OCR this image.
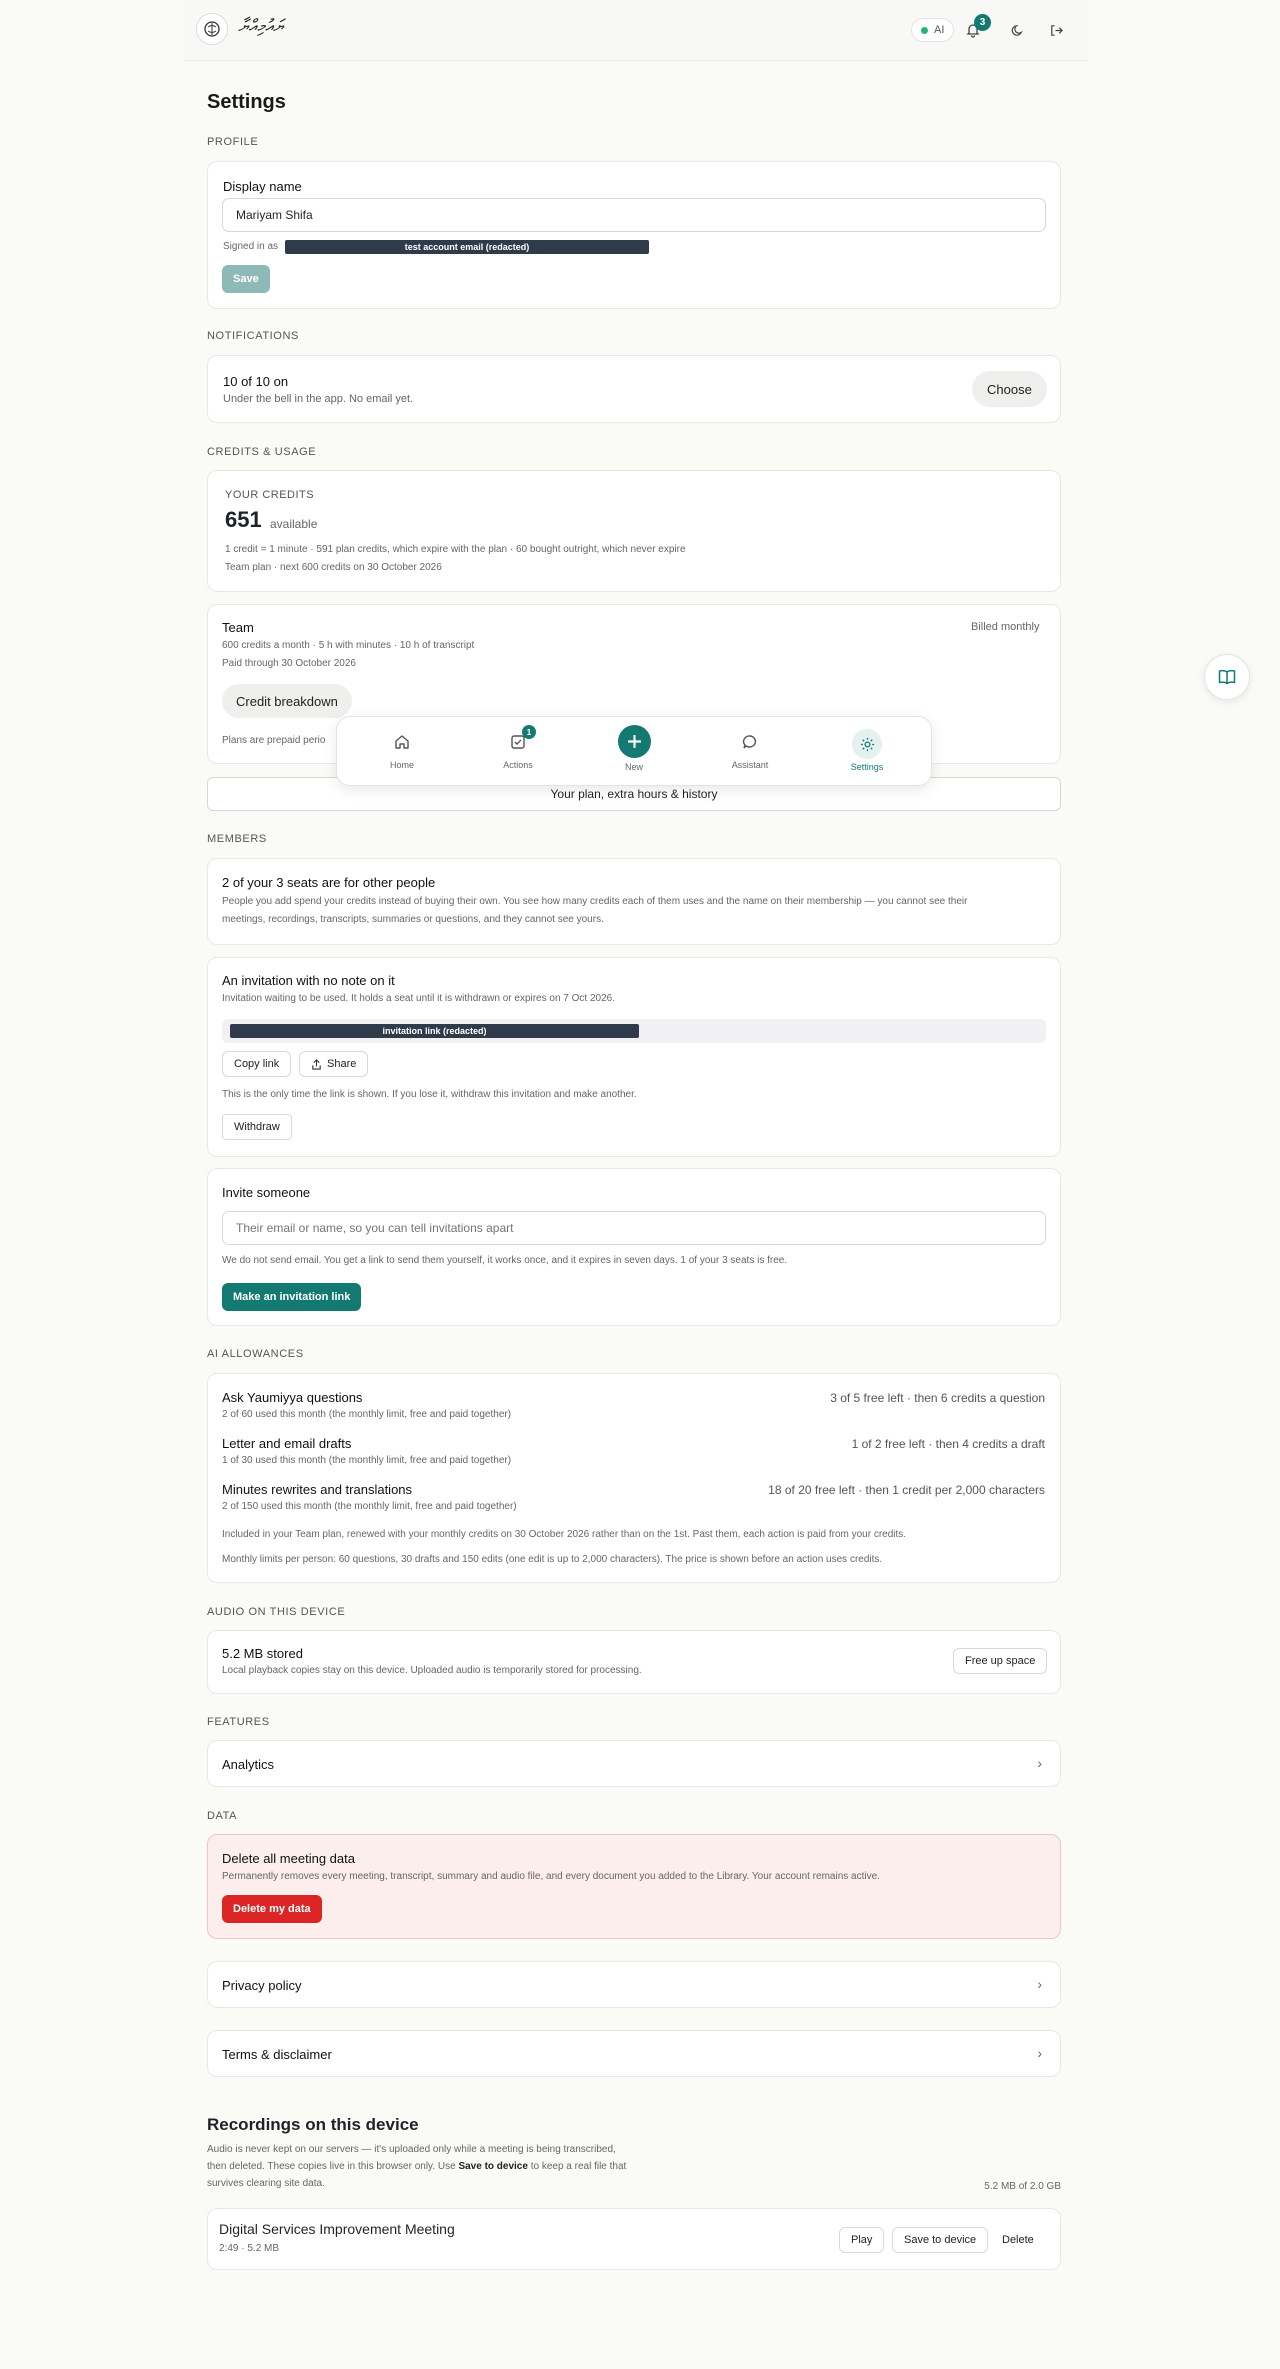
ޔައުމިއްޔާ	AI
3
Settings
PROFILE
Display name
Mariyam Shifa
Signed in as	test account email (redacted)
Save
NOTIFICATIONS
10 of 10 on
Under the bell in the app. No email yet.
Choose
CREDITS & USAGE
YOUR CREDITS
651 available
1 credit = 1 minute · 591 plan credits, which expire with the plan · 60 bought outright, which never expire
Team plan · next 600 credits on 30 October 2026
Team	Billed monthly
600 credits a month · 5 h with minutes · 10 h of transcript
Paid through 30 October 2026
Credit breakdown
Plans are prepaid perio
Your plan, extra hours & history
MEMBERS
2 of your 3 seats are for other people
People you add spend your credits instead of buying their own. You see how many credits each of them uses and the name on their membership — you cannot see their
meetings, recordings, transcripts, summaries or questions, and they cannot see yours.
An invitation with no note on it
Invitation waiting to be used. It holds a seat until it is withdrawn or expires on 7 Oct 2026.
invitation link (redacted)
Copy link	Share
This is the only time the link is shown. If you lose it, withdraw this invitation and make another.
Withdraw
Invite someone
Their email or name, so you can tell invitations apart
We do not send email. You get a link to send them yourself, it works once, and it expires in seven days. 1 of your 3 seats is free.
Make an invitation link
AI ALLOWANCES
Ask Yaumiyya questions
2 of 60 used this month (the monthly limit, free and paid together)
3 of 5 free left · then 6 credits a question
Letter and email drafts
1 of 30 used this month (the monthly limit, free and paid together)
1 of 2 free left · then 4 credits a draft
Minutes rewrites and translations
2 of 150 used this month (the monthly limit, free and paid together)
18 of 20 free left · then 1 credit per 2,000 characters
Included in your Team plan, renewed with your monthly credits on 30 October 2026 rather than on the 1st. Past them, each action is paid from your credits.
Monthly limits per person: 60 questions, 30 drafts and 150 edits (one edit is up to 2,000 characters). The price is shown before an action uses credits.
AUDIO ON THIS DEVICE
5.2 MB stored
Local playback copies stay on this device. Uploaded audio is temporarily stored for processing.
Free up space
FEATURES
Analytics	›
DATA
Delete all meeting data
Permanently removes every meeting, transcript, summary and audio file, and every document you added to the Library. Your account remains active.
Delete my data
Privacy policy	›
Terms & disclaimer	›
Recordings on this device
Audio is never kept on our servers — it's uploaded only while a meeting is being transcribed,
then deleted. These copies live in this browser only. Use Save to device to keep a real file that
survives clearing site data.	5.2 MB of 2.0 GB
Digital Services Improvement Meeting
2:49 · 5.2 MB
Play	Save to device	Delete
Home
1
Actions	New	Assistant	Settings
